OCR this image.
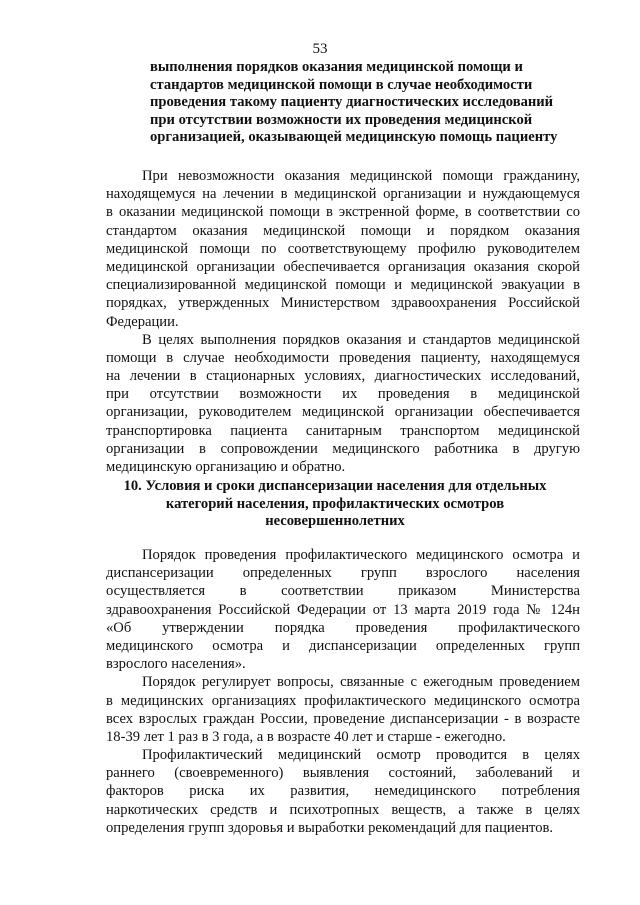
53
выполнения порядков оказания медицинской помощи и
стандартов медицинской помощи в случае необходимости
проведения такому пациенту диагностических исследований
при отсутствии возможности их проведения медицинской
организацией, оказывающей медицинскую помощь пациенту
При невозможности оказания медицинской помощи гражданину,
находящемуся на лечении в медицинской организации и нуждающемуся
в оказании медицинской помощи в экстренной форме, в соответствии со
стандартом оказания медицинской помощи и порядком оказания
медицинской помощи по соответствующему профилю руководителем
медицинской организации обеспечивается организация оказания скорой
специализированной медицинской помощи и медицинской эвакуации в
порядках, утвержденных Министерством здравоохранения Российской
Федерации.
В целях выполнения порядков оказания и стандартов медицинской
помощи в случае необходимости проведения пациенту, находящемуся
на лечении в стационарных условиях, диагностических исследований,
при отсутствии возможности их проведения в медицинской
организации, руководителем медицинской организации обеспечивается
транспортировка пациента санитарным транспортом медицинской
организации в сопровождении медицинского работника в другую
медицинскую организацию и обратно.
10. Условия и сроки диспансеризации населения для отдельных
категорий населения, профилактических осмотров
несовершеннолетних
Порядок проведения профилактического медицинского осмотра и
диспансеризации определенных групп взрослого населения
осуществляется в соответствии приказом Министерства
здравоохранения Российской Федерации от 13 марта 2019 года № 124н
«Об утверждении порядка проведения профилактического
медицинского осмотра и диспансеризации определенных групп
взрослого населения».
Порядок регулирует вопросы, связанные с ежегодным проведением
в медицинских организациях профилактического медицинского осмотра
всех взрослых граждан России, проведение диспансеризации - в возрасте
18-39 лет 1 раз в 3 года, а в возрасте 40 лет и старше - ежегодно.
Профилактический медицинский осмотр проводится в целях
раннего (своевременного) выявления состояний, заболеваний и
факторов риска их развития, немедицинского потребления
наркотических средств и психотропных веществ, а также в целях
определения групп здоровья и выработки рекомендаций для пациентов.
